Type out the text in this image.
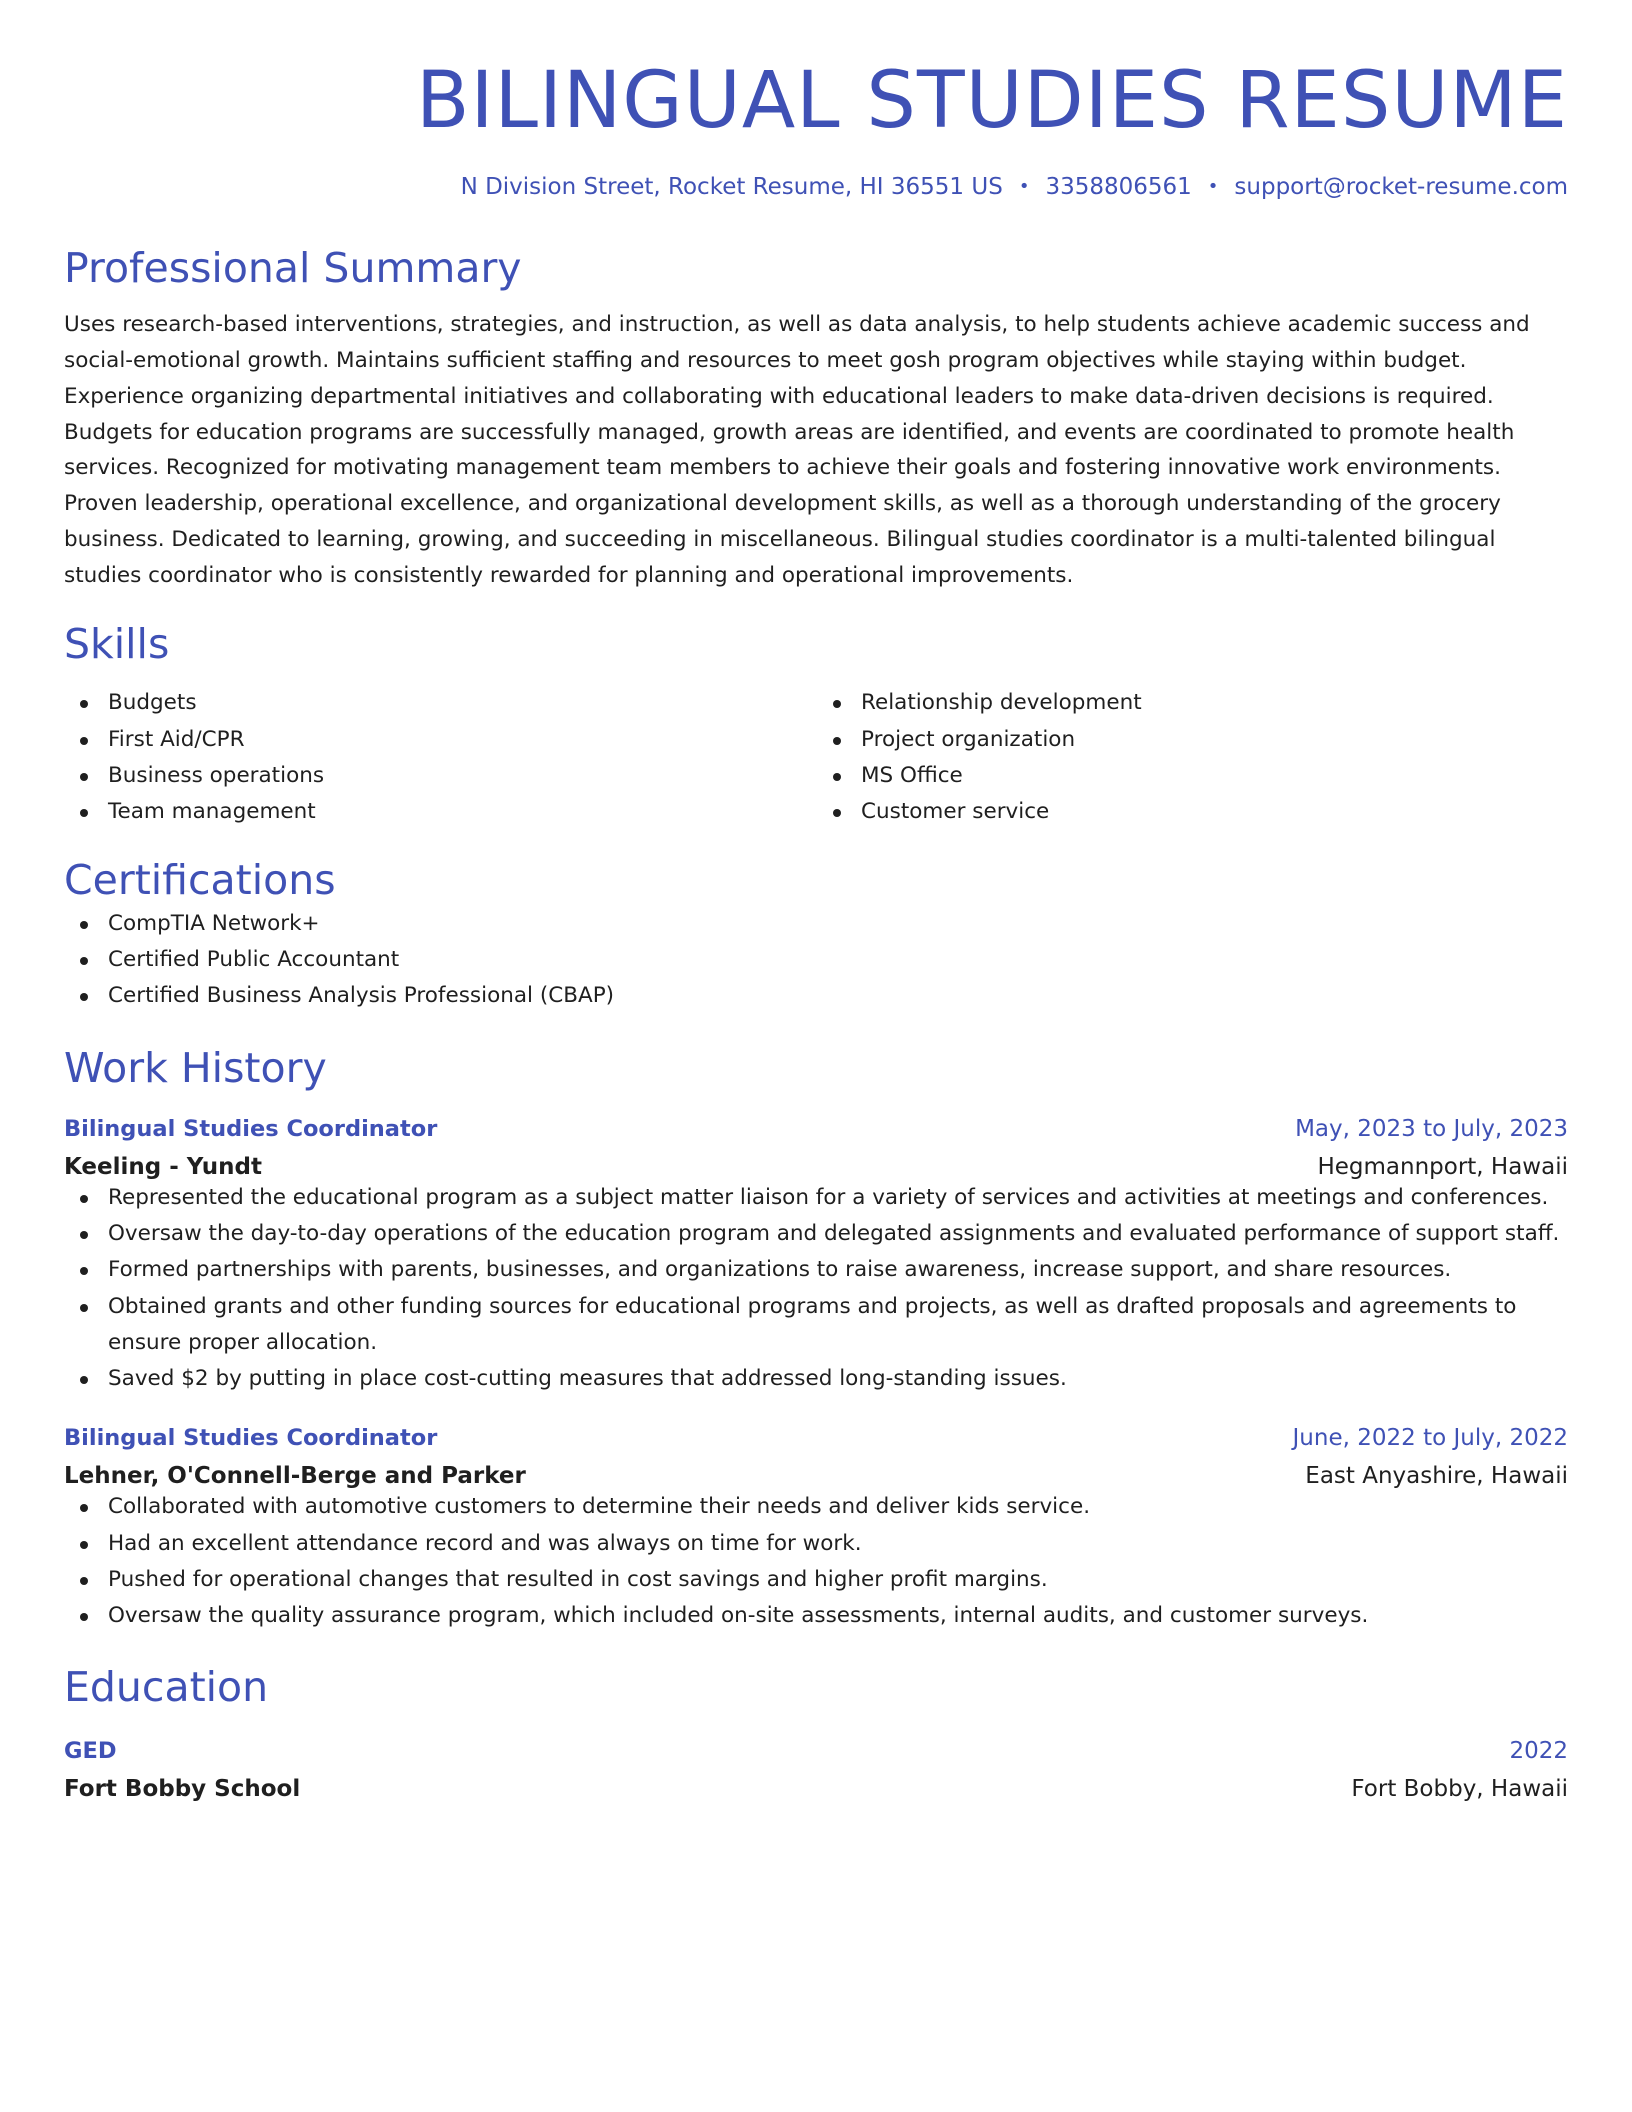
BILINGUAL STUDIES RESUME
N Division Street, Rocket Resume, HI 36551 US • 3358806561 • support@rocket-resume.com
Professional Summary
Uses research-based interventions, strategies, and instruction, as well as data analysis, to help students achieve academic success and social-emotional growth. Maintains sufficient staffing and resources to meet gosh program objectives while staying within budget. Experience organizing departmental initiatives and collaborating with educational leaders to make data-driven decisions is required. Budgets for education programs are successfully managed, growth areas are identified, and events are coordinated to promote health services. Recognized for motivating management team members to achieve their goals and fostering innovative work environments. Proven leadership, operational excellence, and organizational development skills, as well as a thorough understanding of the grocery business. Dedicated to learning, growing, and succeeding in miscellaneous. Bilingual studies coordinator is a multi-talented bilingual studies coordinator who is consistently rewarded for planning and operational improvements.
Skills
Budgets
First Aid/CPR
Business operations
Team management
Relationship development
Project organization
MS Office
Customer service
Certifications
CompTIA Network+
Certified Public Accountant
Certified Business Analysis Professional (CBAP)
Work History
Bilingual Studies Coordinator	May, 2023 to July, 2023
Keeling - Yundt	Hegmannport, Hawaii
Represented the educational program as a subject matter liaison for a variety of services and activities at meetings and conferences.
Oversaw the day-to-day operations of the education program and delegated assignments and evaluated performance of support staff.
Formed partnerships with parents, businesses, and organizations to raise awareness, increase support, and share resources.
Obtained grants and other funding sources for educational programs and projects, as well as drafted proposals and agreements to ensure proper allocation.
Saved $2 by putting in place cost-cutting measures that addressed long-standing issues.
Bilingual Studies Coordinator	June, 2022 to July, 2022
Lehner, O'Connell-Berge and Parker	East Anyashire, Hawaii
Collaborated with automotive customers to determine their needs and deliver kids service.
Had an excellent attendance record and was always on time for work.
Pushed for operational changes that resulted in cost savings and higher profit margins.
Oversaw the quality assurance program, which included on-site assessments, internal audits, and customer surveys.
Education
GED	2022
Fort Bobby School	Fort Bobby, Hawaii
